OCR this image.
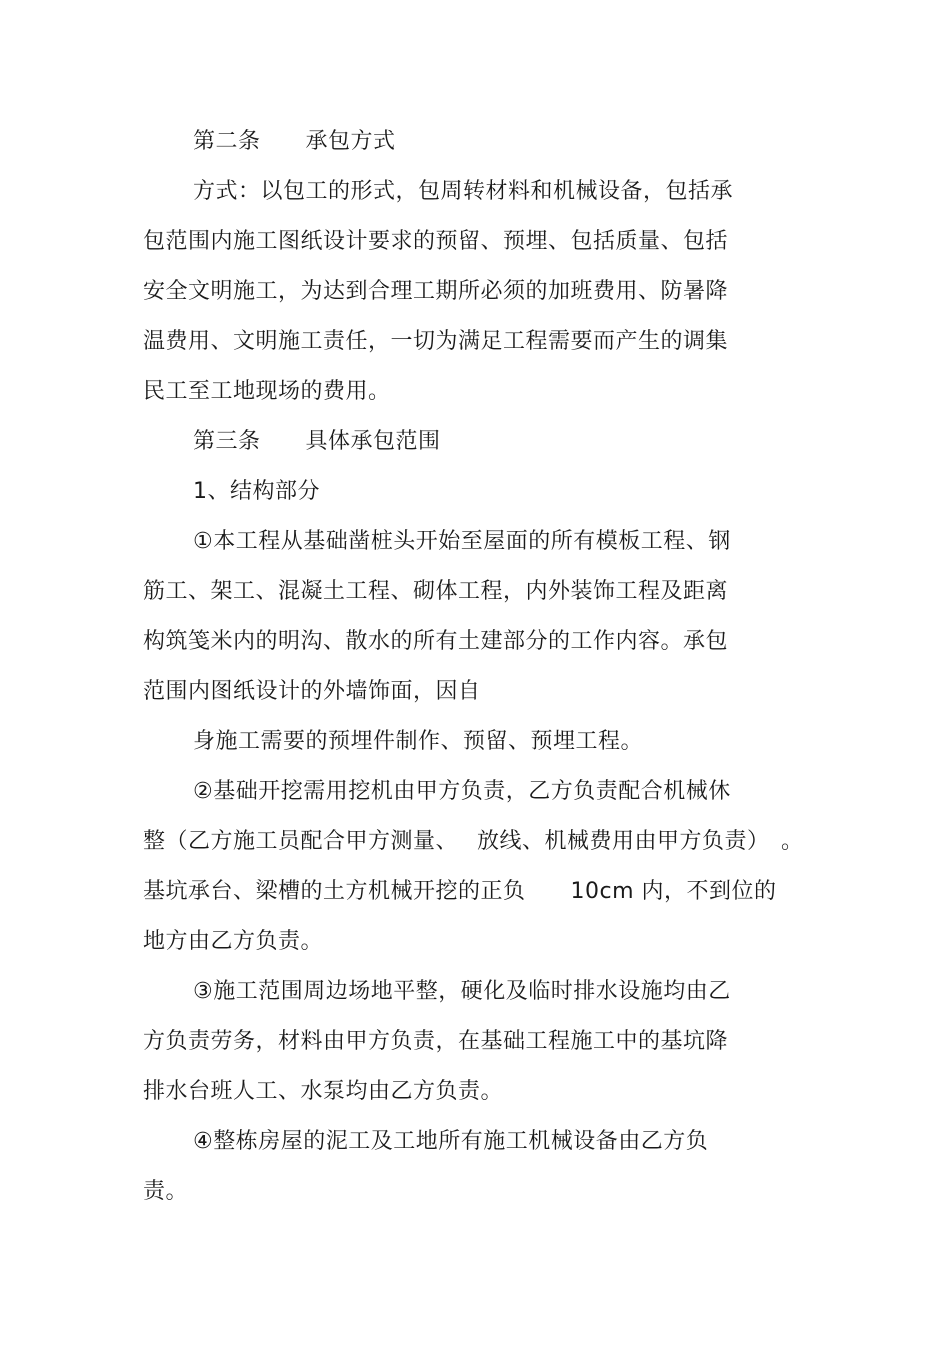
第二条　　承包方式
方式：以包工的形式，包周转材料和机械设备，包括承
包范围内施工图纸设计要求的预留、预埋、包括质量、包括
安全文明施工，为达到合理工期所必须的加班费用、防暑降
温费用、文明施工责任，一切为满足工程需要而产生的调集
民工至工地现场的费用。
第三条　　具体承包范围
1、结构部分
①本工程从基础凿桩头开始至屋面的所有模板工程、钢
筋工、架工、混凝土工程、砌体工程，内外装饰工程及距离
构筑笺米内的明沟、散水的所有土建部分的工作内容。承包
范围内图纸设计的外墙饰面，因自
身施工需要的预埋件制作、预留、预埋工程。
②基础开挖需用挖机由甲方负责，乙方负责配合机械休
整（乙方施工员配合甲方测量、　 放线、机械费用由甲方负责）　。
基坑承台、梁槽的土方机械开挖的正负　　10cm 内，不到位的
地方由乙方负责。
③施工范围周边场地平整，硬化及临时排水设施均由乙
方负责劳务，材料由甲方负责，在基础工程施工中的基坑降
排水台班人工、水泵均由乙方负责。
④整栋房屋的泥工及工地所有施工机械设备由乙方负
责。
